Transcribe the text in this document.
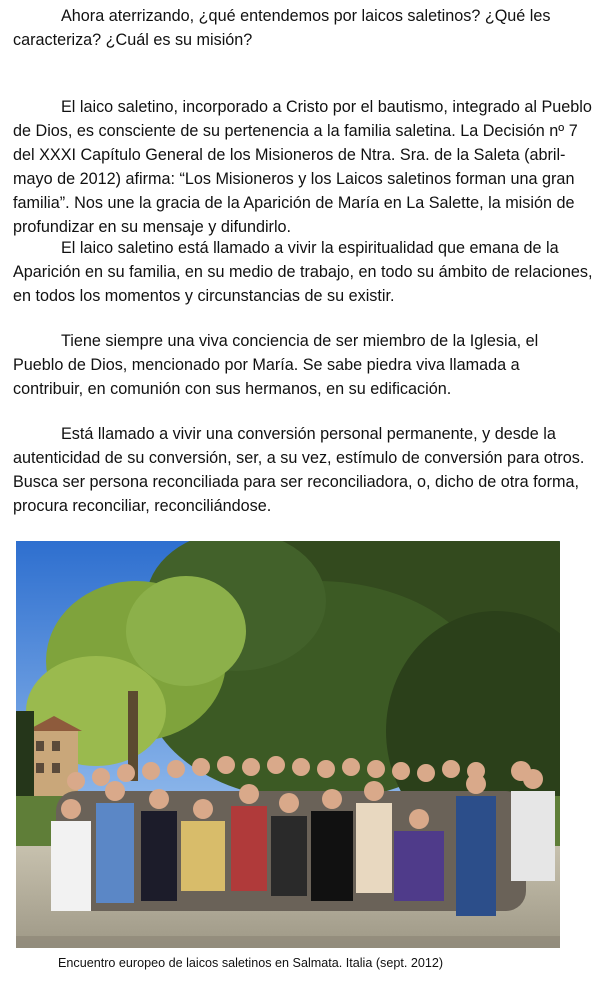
Ahora aterrizando, ¿qué entendemos por laicos saletinos? ¿Qué les caracteriza? ¿Cuál es su misión?

El laico saletino, incorporado a Cristo por el bautismo, integrado al Pueblo de Dios, es consciente de su pertenencia a la familia saletina. La Decisión nº 7 del XXXI Capítulo General de los Misioneros de Ntra. Sra. de la Saleta (abril-mayo de 2012) afirma: “Los Misioneros y los Laicos saletinos forman una gran familia”. Nos une la gracia de la Aparición de María en La Salette, la misión de profundizar en su mensaje y difundirlo.

El laico saletino está llamado a vivir la espiritualidad que emana de la Aparición en su familia, en su medio de trabajo, en todo su ámbito de relaciones, en todos los momentos y circunstancias de su existir.

Tiene siempre una viva conciencia de ser miembro de la Iglesia, el Pueblo de Dios, mencionado por María. Se sabe piedra viva llamada a contribuir, en comunión con sus hermanos, en su edificación.

Está llamado a vivir una conversión personal permanente, y desde la autenticidad de su conversión, ser, a su vez, estímulo de conversión para otros. Busca ser persona reconciliada para ser reconciliadora, o, dicho de otra forma, procura reconciliar, reconciliándose.

Encuentro europeo de laicos saletinos en Salmata. Italia (sept. 2012)
